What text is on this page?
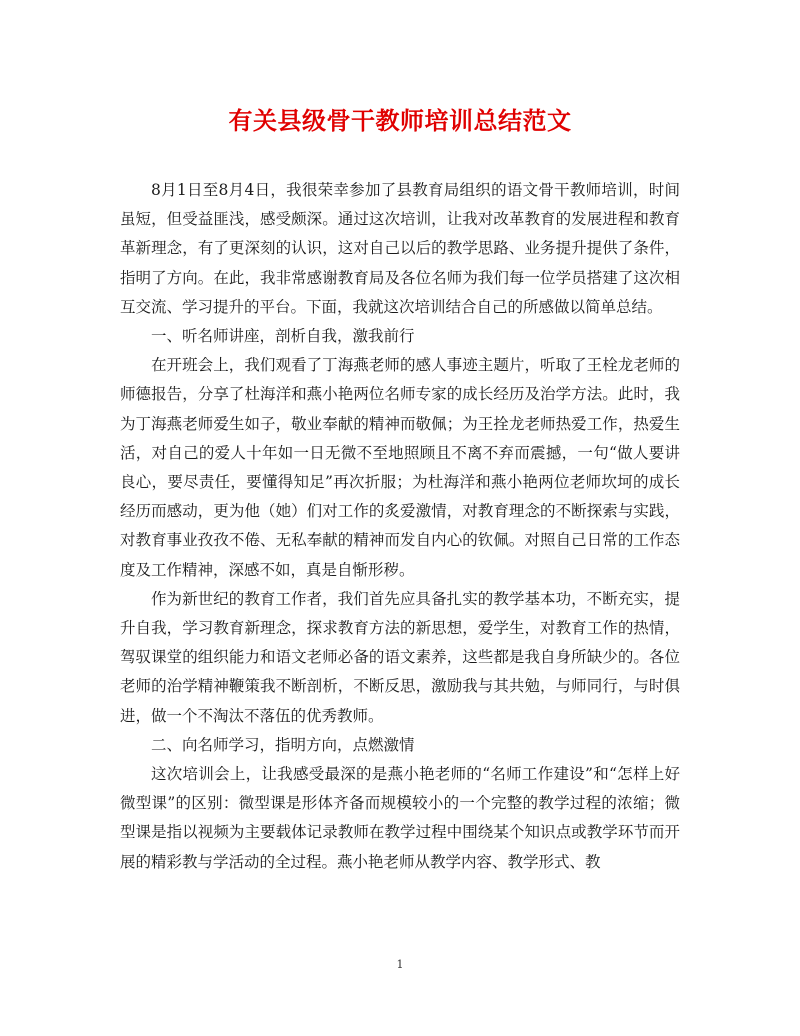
有关县级骨干教师培训总结范文

8月1日至8月4日，我很荣幸参加了县教育局组织的语文骨干教师培训，时间虽短，但受益匪浅，感受颇深。通过这次培训，让我对改革教育的发展进程和教育革新理念，有了更深刻的认识，这对自己以后的教学思路、业务提升提供了条件，指明了方向。在此，我非常感谢教育局及各位名师为我们每一位学员搭建了这次相互交流、学习提升的平台。下面，我就这次培训结合自己的所感做以简单总结。

一、听名师讲座，剖析自我，激我前行

在开班会上，我们观看了丁海燕老师的感人事迹主题片，听取了王栓龙老师的师德报告，分享了杜海洋和燕小艳两位名师专家的成长经历及治学方法。此时，我为丁海燕老师爱生如子，敬业奉献的精神而敬佩；为王拴龙老师热爱工作，热爱生活，对自己的爱人十年如一日无微不至地照顾且不离不弃而震撼，一句“做人要讲良心，要尽责任，要懂得知足”再次折服；为杜海洋和燕小艳两位老师坎坷的成长经历而感动，更为他（她）们对工作的炙爱激情，对教育理念的不断探索与实践，对教育事业孜孜不倦、无私奉献的精神而发自内心的钦佩。对照自己日常的工作态度及工作精神，深感不如，真是自惭形秽。

作为新世纪的教育工作者，我们首先应具备扎实的教学基本功，不断充实，提升自我，学习教育新理念，探求教育方法的新思想，爱学生，对教育工作的热情，驾驭课堂的组织能力和语文老师必备的语文素养，这些都是我自身所缺少的。各位老师的治学精神鞭策我不断剖析，不断反思，激励我与其共勉，与师同行，与时俱进，做一个不淘汰不落伍的优秀教师。

二、向名师学习，指明方向，点燃激情

这次培训会上，让我感受最深的是燕小艳老师的“名师工作建设”和“怎样上好微型课”的区别：微型课是形体齐备而规模较小的一个完整的教学过程的浓缩；微型课是指以视频为主要载体记录教师在教学过程中围绕某个知识点或教学环节而开展的精彩教与学活动的全过程。燕小艳老师从教学内容、教学形式、教

1
